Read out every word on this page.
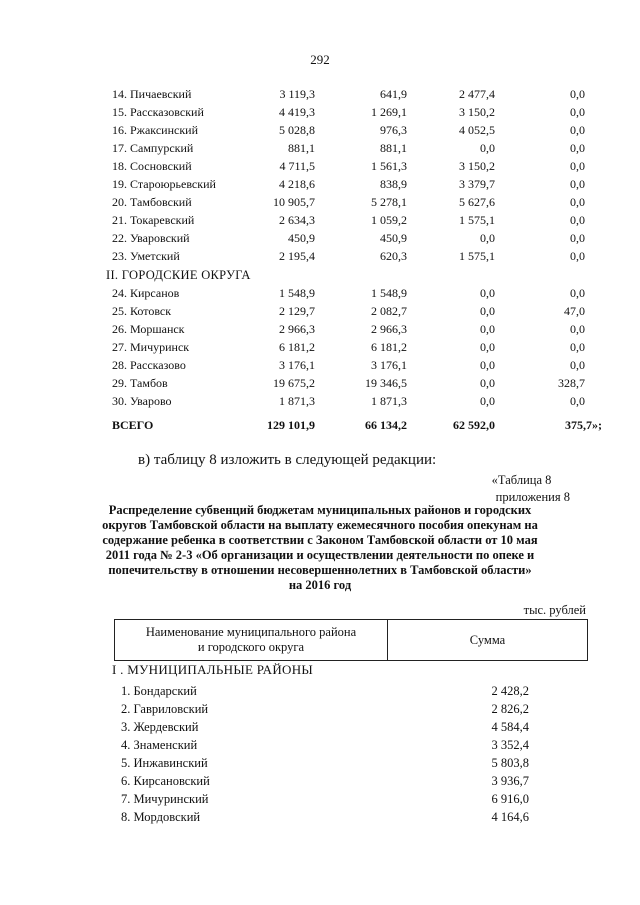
292
14. Пичаевский	3 119,3	641,9	2 477,4	0,0
15. Рассказовский	4 419,3	1 269,1	3 150,2	0,0
16. Ржаксинский	5 028,8	976,3	4 052,5	0,0
17. Сампурский	881,1	881,1	0,0	0,0
18. Сосновский	4 711,5	1 561,3	3 150,2	0,0
19. Староюрьевский	4 218,6	838,9	3 379,7	0,0
20. Тамбовский	10 905,7	5 278,1	5 627,6	0,0
21. Токаревский	2 634,3	1 059,2	1 575,1	0,0
22. Уваровский	450,9	450,9	0,0	0,0
23. Уметский	2 195,4	620,3	1 575,1	0,0
II. ГОРОДСКИЕ ОКРУГА
24. Кирсанов	1 548,9	1 548,9	0,0	0,0
25. Котовск	2 129,7	2 082,7	0,0	47,0
26. Моршанск	2 966,3	2 966,3	0,0	0,0
27. Мичуринск	6 181,2	6 181,2	0,0	0,0
28. Рассказово	3 176,1	3 176,1	0,0	0,0
29. Тамбов	19 675,2	19 346,5	0,0	328,7
30. Уварово	1 871,3	1 871,3	0,0	0,0
ВСЕГО	129 101,9	66 134,2	62 592,0	375,7»;
в) таблицу 8 изложить в следующей редакции:
«Таблица 8
приложения 8
Распределение субвенций бюджетам муниципальных районов и городских
округов Тамбовской области на выплату ежемесячного пособия опекунам на
содержание ребенка в соответствии с Законом Тамбовской области от 10 мая
2011 года № 2-3 «Об организации и осуществлении деятельности по опеке и
попечительству в отношении несовершеннолетних в Тамбовской области»
на 2016 год
тыс. рублей
Наименование муниципального района
и городского округа
Сумма
I . МУНИЦИПАЛЬНЫЕ РАЙОНЫ
1. Бондарский	2 428,2
2. Гавриловский	2 826,2
3. Жердевский	4 584,4
4. Знаменский	3 352,4
5. Инжавинский	5 803,8
6. Кирсановский	3 936,7
7. Мичуринский	6 916,0
8. Мордовский	4 164,6
